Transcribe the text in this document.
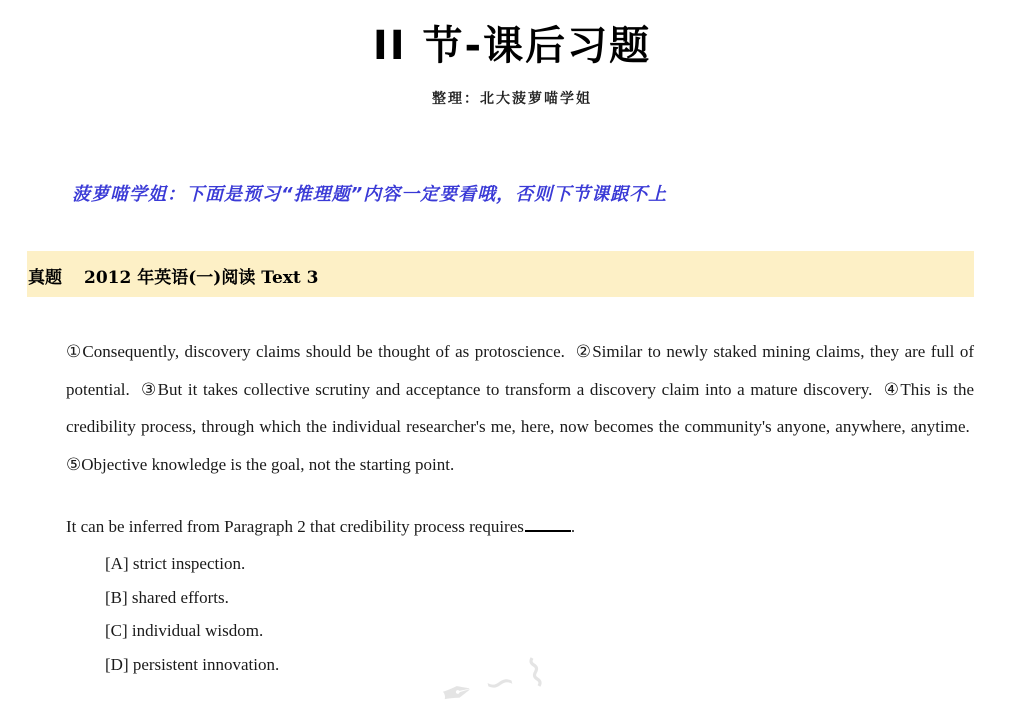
II 节-课后习题
整理：北大菠萝喵学姐
菠萝喵学姐：下面是预习“推理题”内容一定要看哦，否则下节课跟不上
真题 2012 年英语(一)阅读 Text 3
①Consequently, discovery claims should be thought of as protoscience. ②Similar to newly staked mining claims, they are full of potential. ③But it takes collective scrutiny and acceptance to transform a discovery claim into a mature discovery. ④This is the credibility process, through which the individual researcher's me, here, now becomes the community's anyone, anywhere, anytime.  ⑤Objective knowledge is the goal, not the starting point.
It can be inferred from Paragraph 2 that credibility process requires	.
[A] strict inspection.
[B] shared efforts.
[C] individual wisdom.
[D] persistent innovation.	✒ ∽ ⌇
